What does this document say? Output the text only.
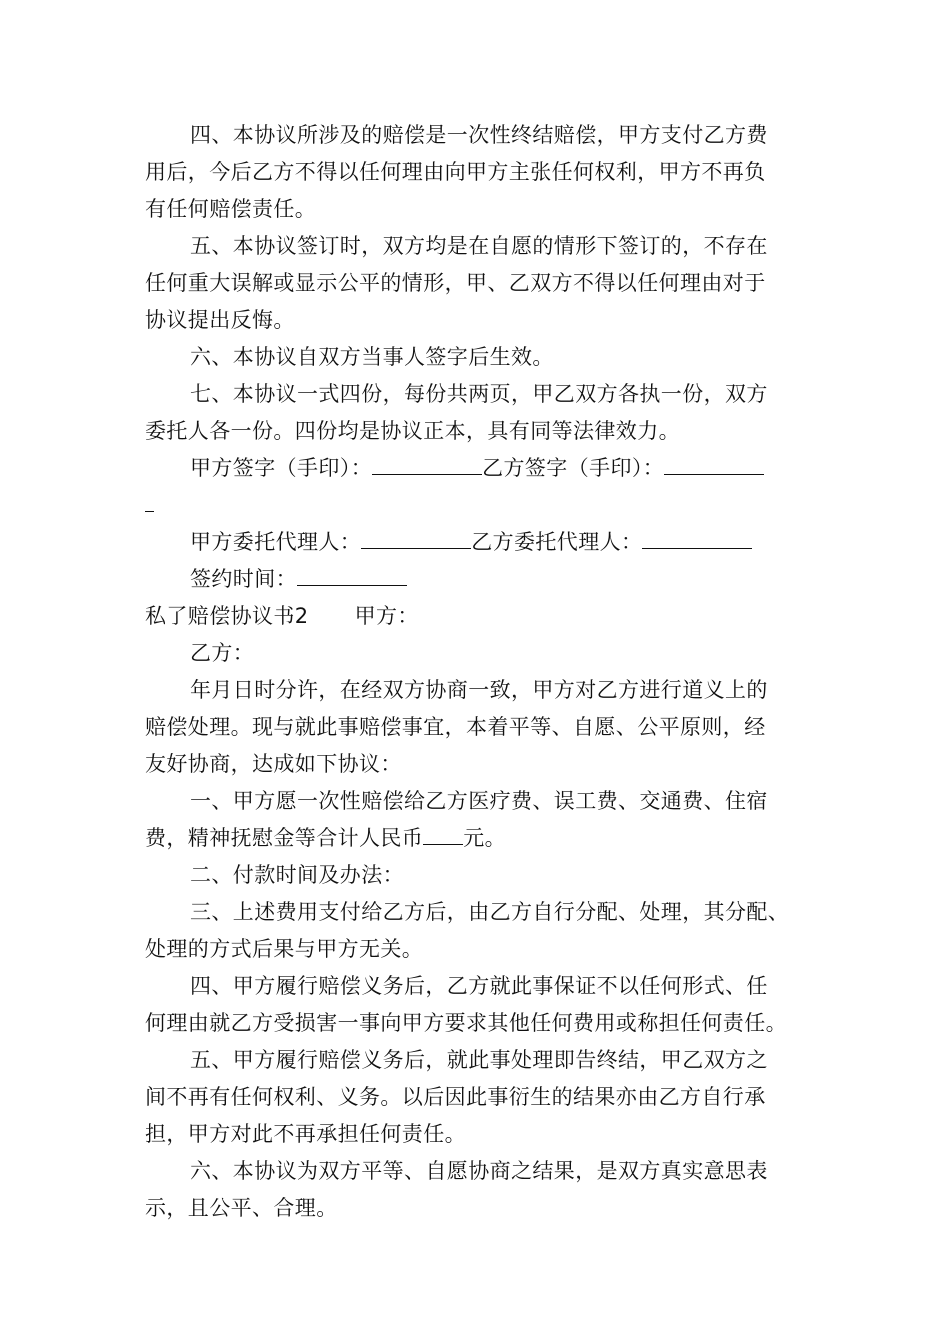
四、本协议所涉及的赔偿是一次性终结赔偿，甲方支付乙方费
用后，今后乙方不得以任何理由向甲方主张任何权利，甲方不再负
有任何赔偿责任。
五、本协议签订时，双方均是在自愿的情形下签订的，不存在
任何重大误解或显示公平的情形，甲、乙双方不得以任何理由对于
协议提出反悔。
六、本协议自双方当事人签字后生效。
七、本协议一式四份，每份共两页，甲乙双方各执一份，双方
委托人各一份。四份均是协议正本，具有同等法律效力。
甲方签字（手印）：	乙方签字（手印）：
甲方委托代理人：	乙方委托代理人：
签约时间：
私了赔偿协议书2 甲方：
乙方：
年月日时分许，在经双方协商一致，甲方对乙方进行道义上的
赔偿处理。现与就此事赔偿事宜，本着平等、自愿、公平原则，经
友好协商，达成如下协议：
一、甲方愿一次性赔偿给乙方医疗费、误工费、交通费、住宿
费，精神抚慰金等合计人民币 元。
二、付款时间及办法：
三、上述费用支付给乙方后，由乙方自行分配、处理，其分配、
处理的方式后果与甲方无关。
四、甲方履行赔偿义务后，乙方就此事保证不以任何形式、任
何理由就乙方受损害一事向甲方要求其他任何费用或称担任何责任。
五、甲方履行赔偿义务后，就此事处理即告终结，甲乙双方之
间不再有任何权利、义务。以后因此事衍生的结果亦由乙方自行承
担，甲方对此不再承担任何责任。
六、本协议为双方平等、自愿协商之结果，是双方真实意思表
示，且公平、合理。
